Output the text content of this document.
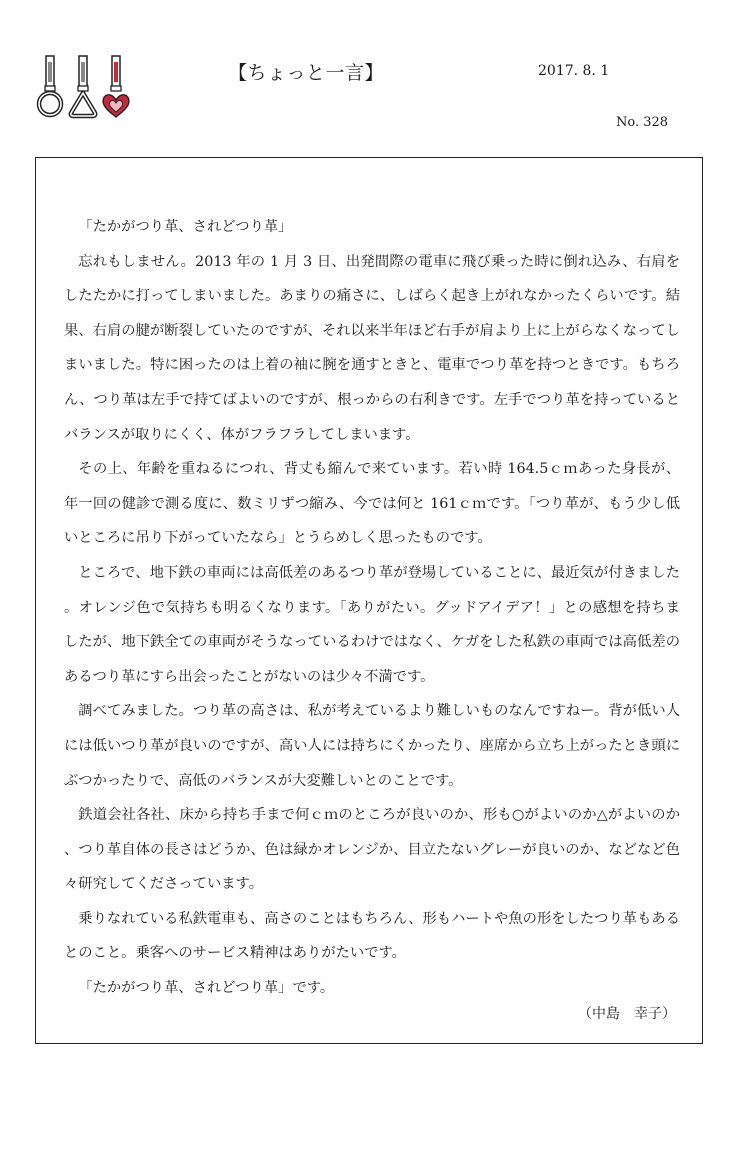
【ちょっと一言】	2017. 8. 1
No. 328

「たかがつり革、されどつり革」

忘れもしません。2013 年の 1 月 3 日、出発間際の電車に飛び乗った時に倒れ込み、右肩をしたたかに打ってしまいました。あまりの痛さに、しばらく起き上がれなかったくらいです。結果、右肩の腱が断裂していたのですが、それ以来半年ほど右手が肩より上に上がらなくなってしまいました。特に困ったのは上着の袖に腕を通すときと、電車でつり革を持つときです。もちろん、つり革は左手で持てばよいのですが、根っからの右利きです。左手でつり革を持っているとバランスが取りにくく、体がフラフラしてしまいます。

その上、年齢を重ねるにつれ、背丈も縮んで来ています。若い時 164.5ｃｍあった身長が、年一回の健診で測る度に、数ミリずつ縮み、今では何と 161ｃｍです。「つり革が、もう少し低いところに吊り下がっていたなら」とうらめしく思ったものです。

ところで、地下鉄の車両には高低差のあるつり革が登場していることに、最近気が付きました。オレンジ色で気持ちも明るくなります。「ありがたい。グッドアイデア！」との感想を持ちましたが、地下鉄全ての車両がそうなっているわけではなく、ケガをした私鉄の車両では高低差のあるつり革にすら出会ったことがないのは少々不満です。

調べてみました。つり革の高さは、私が考えているより難しいものなんですねー。背が低い人には低いつり革が良いのですが、高い人には持ちにくかったり、座席から立ち上がったとき頭にぶつかったりで、高低のバランスが大変難しいとのことです。

鉄道会社各社、床から持ち手まで何ｃｍのところが良いのか、形も○がよいのか△がよいのか、つり革自体の長さはどうか、色は緑かオレンジか、目立たないグレーが良いのか、などなど色々研究してくださっています。

乗りなれている私鉄電車も、高さのことはもちろん、形もハートや魚の形をしたつり革もあるとのこと。乗客へのサービス精神はありがたいです。

「たかがつり革、されどつり革」です。

（中島　幸子）
